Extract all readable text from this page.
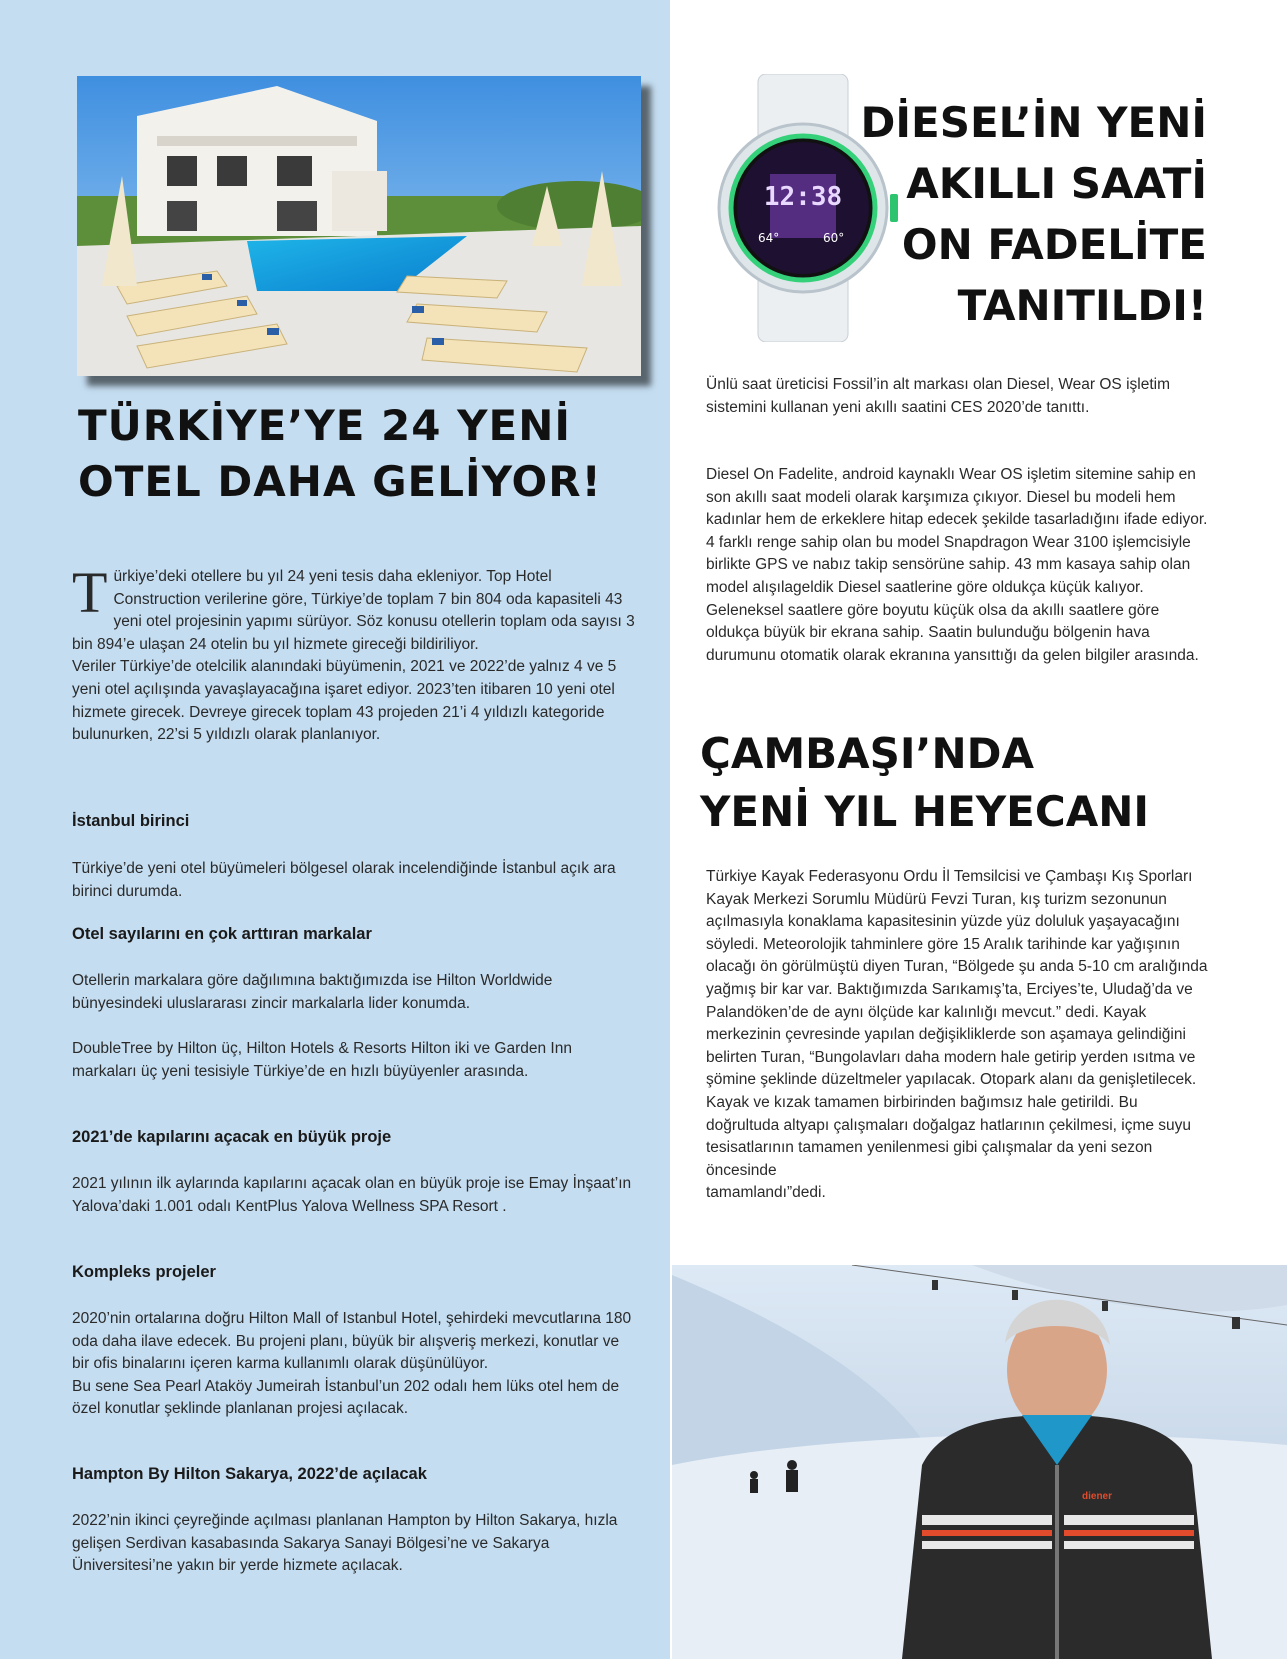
TÜRKİYE’YE 24 YENİ
OTEL DAHA GELİYOR!
Türkiye’deki otellere bu yıl 24 yeni tesis daha ekleniyor. Top Hotel Construction verilerine göre, Türkiye’de toplam 7 bin 804 oda kapasiteli 43 yeni otel projesinin yapımı sürüyor. Söz konusu otellerin toplam oda sayısı 3 bin 894’e ulaşan 24 otelin bu yıl hizmete gireceği bildiriliyor.
Veriler Türkiye’de otelcilik alanındaki büyümenin, 2021 ve 2022’de yalnız 4 ve 5 yeni otel açılışında yavaşlayacağına işaret ediyor. 2023’ten itibaren 10 yeni otel hizmete girecek. Devreye girecek toplam 43 projeden 21’i 4 yıldızlı kategoride bulunurken, 22’si 5 yıldızlı olarak planlanıyor.

İstanbul birinci

Türkiye’de yeni otel büyümeleri bölgesel olarak incelendiğinde İstanbul açık ara birinci durumda.

Otel sayılarını en çok arttıran markalar

Otellerin markalara göre dağılımına baktığımızda ise Hilton Worldwide bünyesindeki uluslararası zincir markalarla lider konumda.

DoubleTree by Hilton üç, Hilton Hotels & Resorts Hilton iki ve Garden Inn markaları üç yeni tesisiyle Türkiye’de en hızlı büyüyenler arasında.

2021’de kapılarını açacak en büyük proje

2021 yılının ilk aylarında kapılarını açacak olan en büyük proje ise Emay İnşaat’ın Yalova’daki 1.001 odalı KentPlus Yalova Wellness SPA Resort .

Kompleks projeler

2020’nin ortalarına doğru Hilton Mall of Istanbul Hotel, şehirdeki mevcutlarına 180 oda daha ilave edecek. Bu projeni planı, büyük bir alışveriş merkezi, konutlar ve bir ofis binalarını içeren karma kullanımlı olarak düşünülüyor.
Bu sene Sea Pearl Ataköy Jumeirah İstanbul’un 202 odalı hem lüks otel hem de özel konutlar şeklinde planlanan projesi açılacak.

Hampton By Hilton Sakarya, 2022’de açılacak

2022’nin ikinci çeyreğinde açılması planlanan Hampton by Hilton Sakarya, hızla gelişen Serdivan kasabasında Sakarya Sanayi Bölgesi’ne ve Sakarya Üniversitesi’ne yakın bir yerde hizmete açılacak.

12:38
64°	60°
DİESEL’İN YENİ
AKILLI SAATİ
ON FADELİTE
TANITILDI!

Ünlü saat üreticisi Fossil’in alt markası olan Diesel, Wear OS işletim sistemini kullanan yeni akıllı saatini CES 2020’de tanıttı.

Diesel On Fadelite, android kaynaklı Wear OS işletim sitemine sahip en son akıllı saat modeli olarak karşımıza çıkıyor. Diesel bu modeli hem kadınlar hem de erkeklere hitap edecek şekilde tasarladığını ifade ediyor. 4 farklı renge sahip olan bu model Snapdragon Wear 3100 işlemcisiyle birlikte GPS ve nabız takip sensörüne sahip. 43 mm kasaya sahip olan model alışılageldik Diesel saatlerine göre oldukça küçük kalıyor. Geleneksel saatlere göre boyutu küçük olsa da akıllı saatlere göre oldukça büyük bir ekrana sahip. Saatin bulunduğu bölgenin hava durumunu otomatik olarak ekranına yansıttığı da gelen bilgiler arasında.

ÇAMBAŞI’NDA
YENİ YIL HEYECANI
Türkiye Kayak Federasyonu Ordu İl Temsilcisi ve Çambaşı Kış Sporları Kayak Merkezi Sorumlu Müdürü Fevzi Turan, kış turizm sezonunun açılmasıyla konaklama kapasitesinin yüzde yüz doluluk yaşayacağını söyledi. Meteorolojik tahminlere göre 15 Aralık tarihinde kar yağışının olacağı ön görülmüştü diyen Turan, “Bölgede şu anda 5-10 cm aralığında yağmış bir kar var. Baktığımızda Sarıkamış’ta, Erciyes’te, Uludağ’da ve Palandöken’de de aynı ölçüde kar kalınlığı mevcut.” dedi. Kayak merkezinin çevresinde yapılan değişikliklerde son aşamaya gelindiğini belirten Turan, “Bungolavları daha modern hale getirip yerden ısıtma ve şömine şeklinde düzeltmeler yapılacak. Otopark alanı da genişletilecek. Kayak ve kızak tamamen birbirinden bağımsız hale getirildi. Bu doğrultuda altyapı çalışmaları doğalgaz hatlarının çekilmesi, içme suyu tesisatlarının tamamen yenilenmesi gibi çalışmalar da yeni sezon öncesinde
tamamlandı”dedi.
diener
